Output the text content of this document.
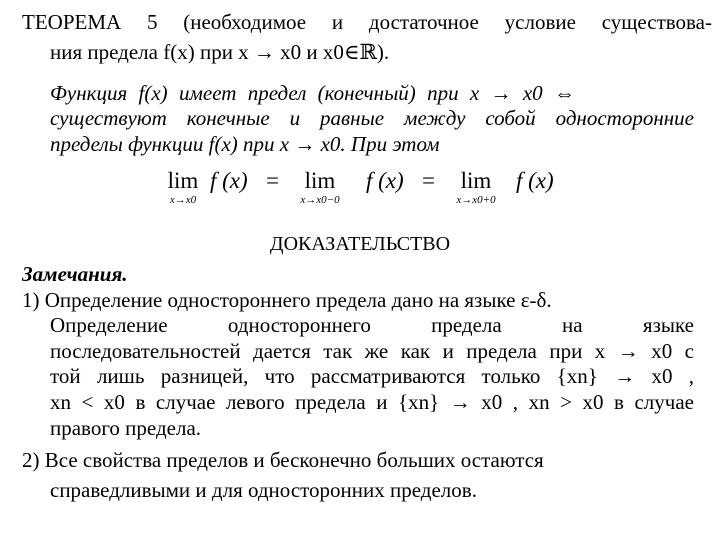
ТЕОРЕМА 5 (необходимое и достаточное условие существова-
ния предела f(x) при x → x0 и x0∈ℝ).
Функция f(x) имеет предел (конечный) при x → x0 ⇔
существуют конечные и равные между собой односторонние
пределы функции f(x) при x → x0. При этом
lim
x→x0
f (x) =	lim
x→x0−0
f (x) =	lim
x→x0+0
f (x)
ДОКАЗАТЕЛЬСТВО
Замечания.
1) Определение одностороннего предела дано на языке ε-δ.
Определение одностороннего предела на языке
последовательностей дается так же как и предела при x → x0 с
той лишь разницей, что рассматриваются только {xn} → x0 ,
xn < x0 в случае левого предела и {xn} → x0 , xn > x0 в случае
правого предела.
2) Все свойства пределов и бесконечно больших остаются
справедливыми и для односторонних пределов.
